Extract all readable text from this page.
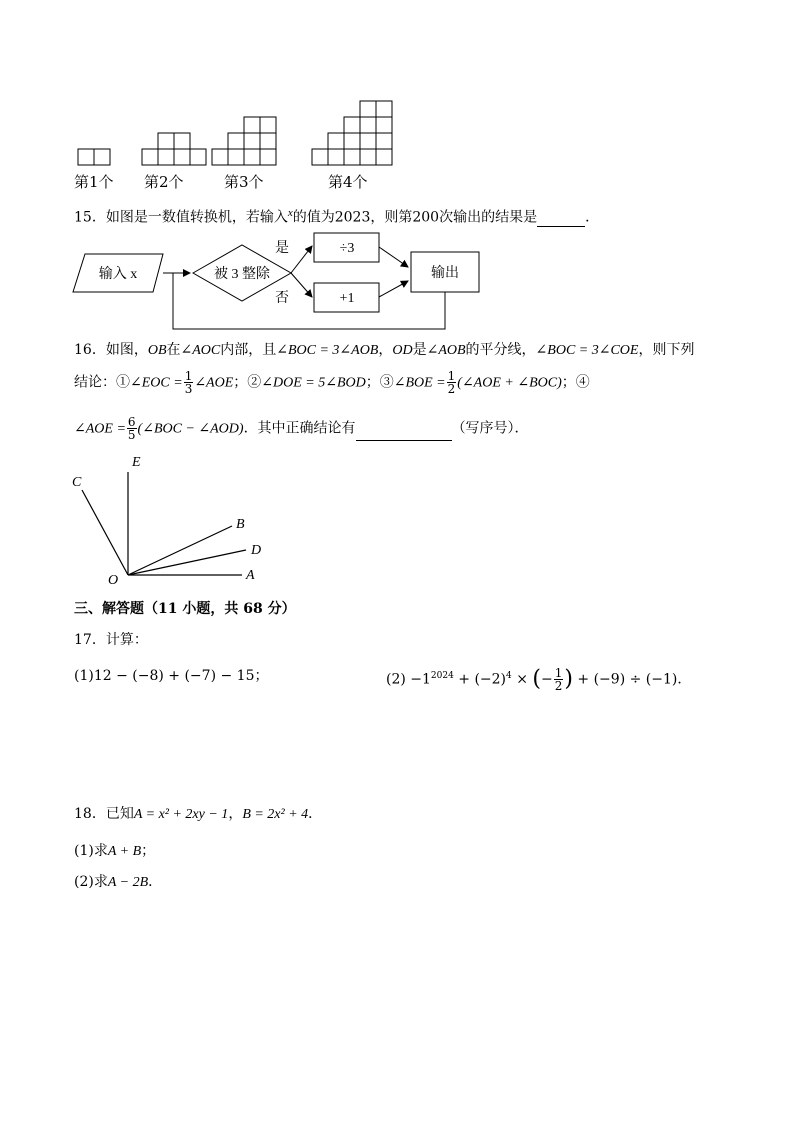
第1个 第2个	第3个	第4个
15．如图是一数值转换机，若输入$^x$的值为2023，则第200次输出的结果是	．
输入 x	被 3 整除
是
否
÷3
+1
输出
16．如图，OB在∠AOC内部，且∠BOC = 3∠AOB，OD是∠AOB的平分线，∠BOC = 3∠COE，则下列
结论：①∠EOC = $\frac{1}{3}$ ∠AOE；②∠DOE = 5∠BOD；③∠BOE = $\frac{1}{2}$ (∠AOE + ∠BOC)；④
∠AOE = $\frac{6}{5}$ (∠BOC − ∠AOD)．其中正确结论有	（写序号）．
E
C
B
D
O	A
三、解答题（11 小题，共 68 分）
17．计算：
(1)12 − (−8) + (−7) − 15；	$(2) -1^{2024} + (-2)^4$ × (− $\frac{1}{2}$ ) + (−9) ÷ (−1)．
18．已知A = x² + 2xy − 1，B = 2x² + 4．
(1)求A + B；
(2)求A − 2B．
